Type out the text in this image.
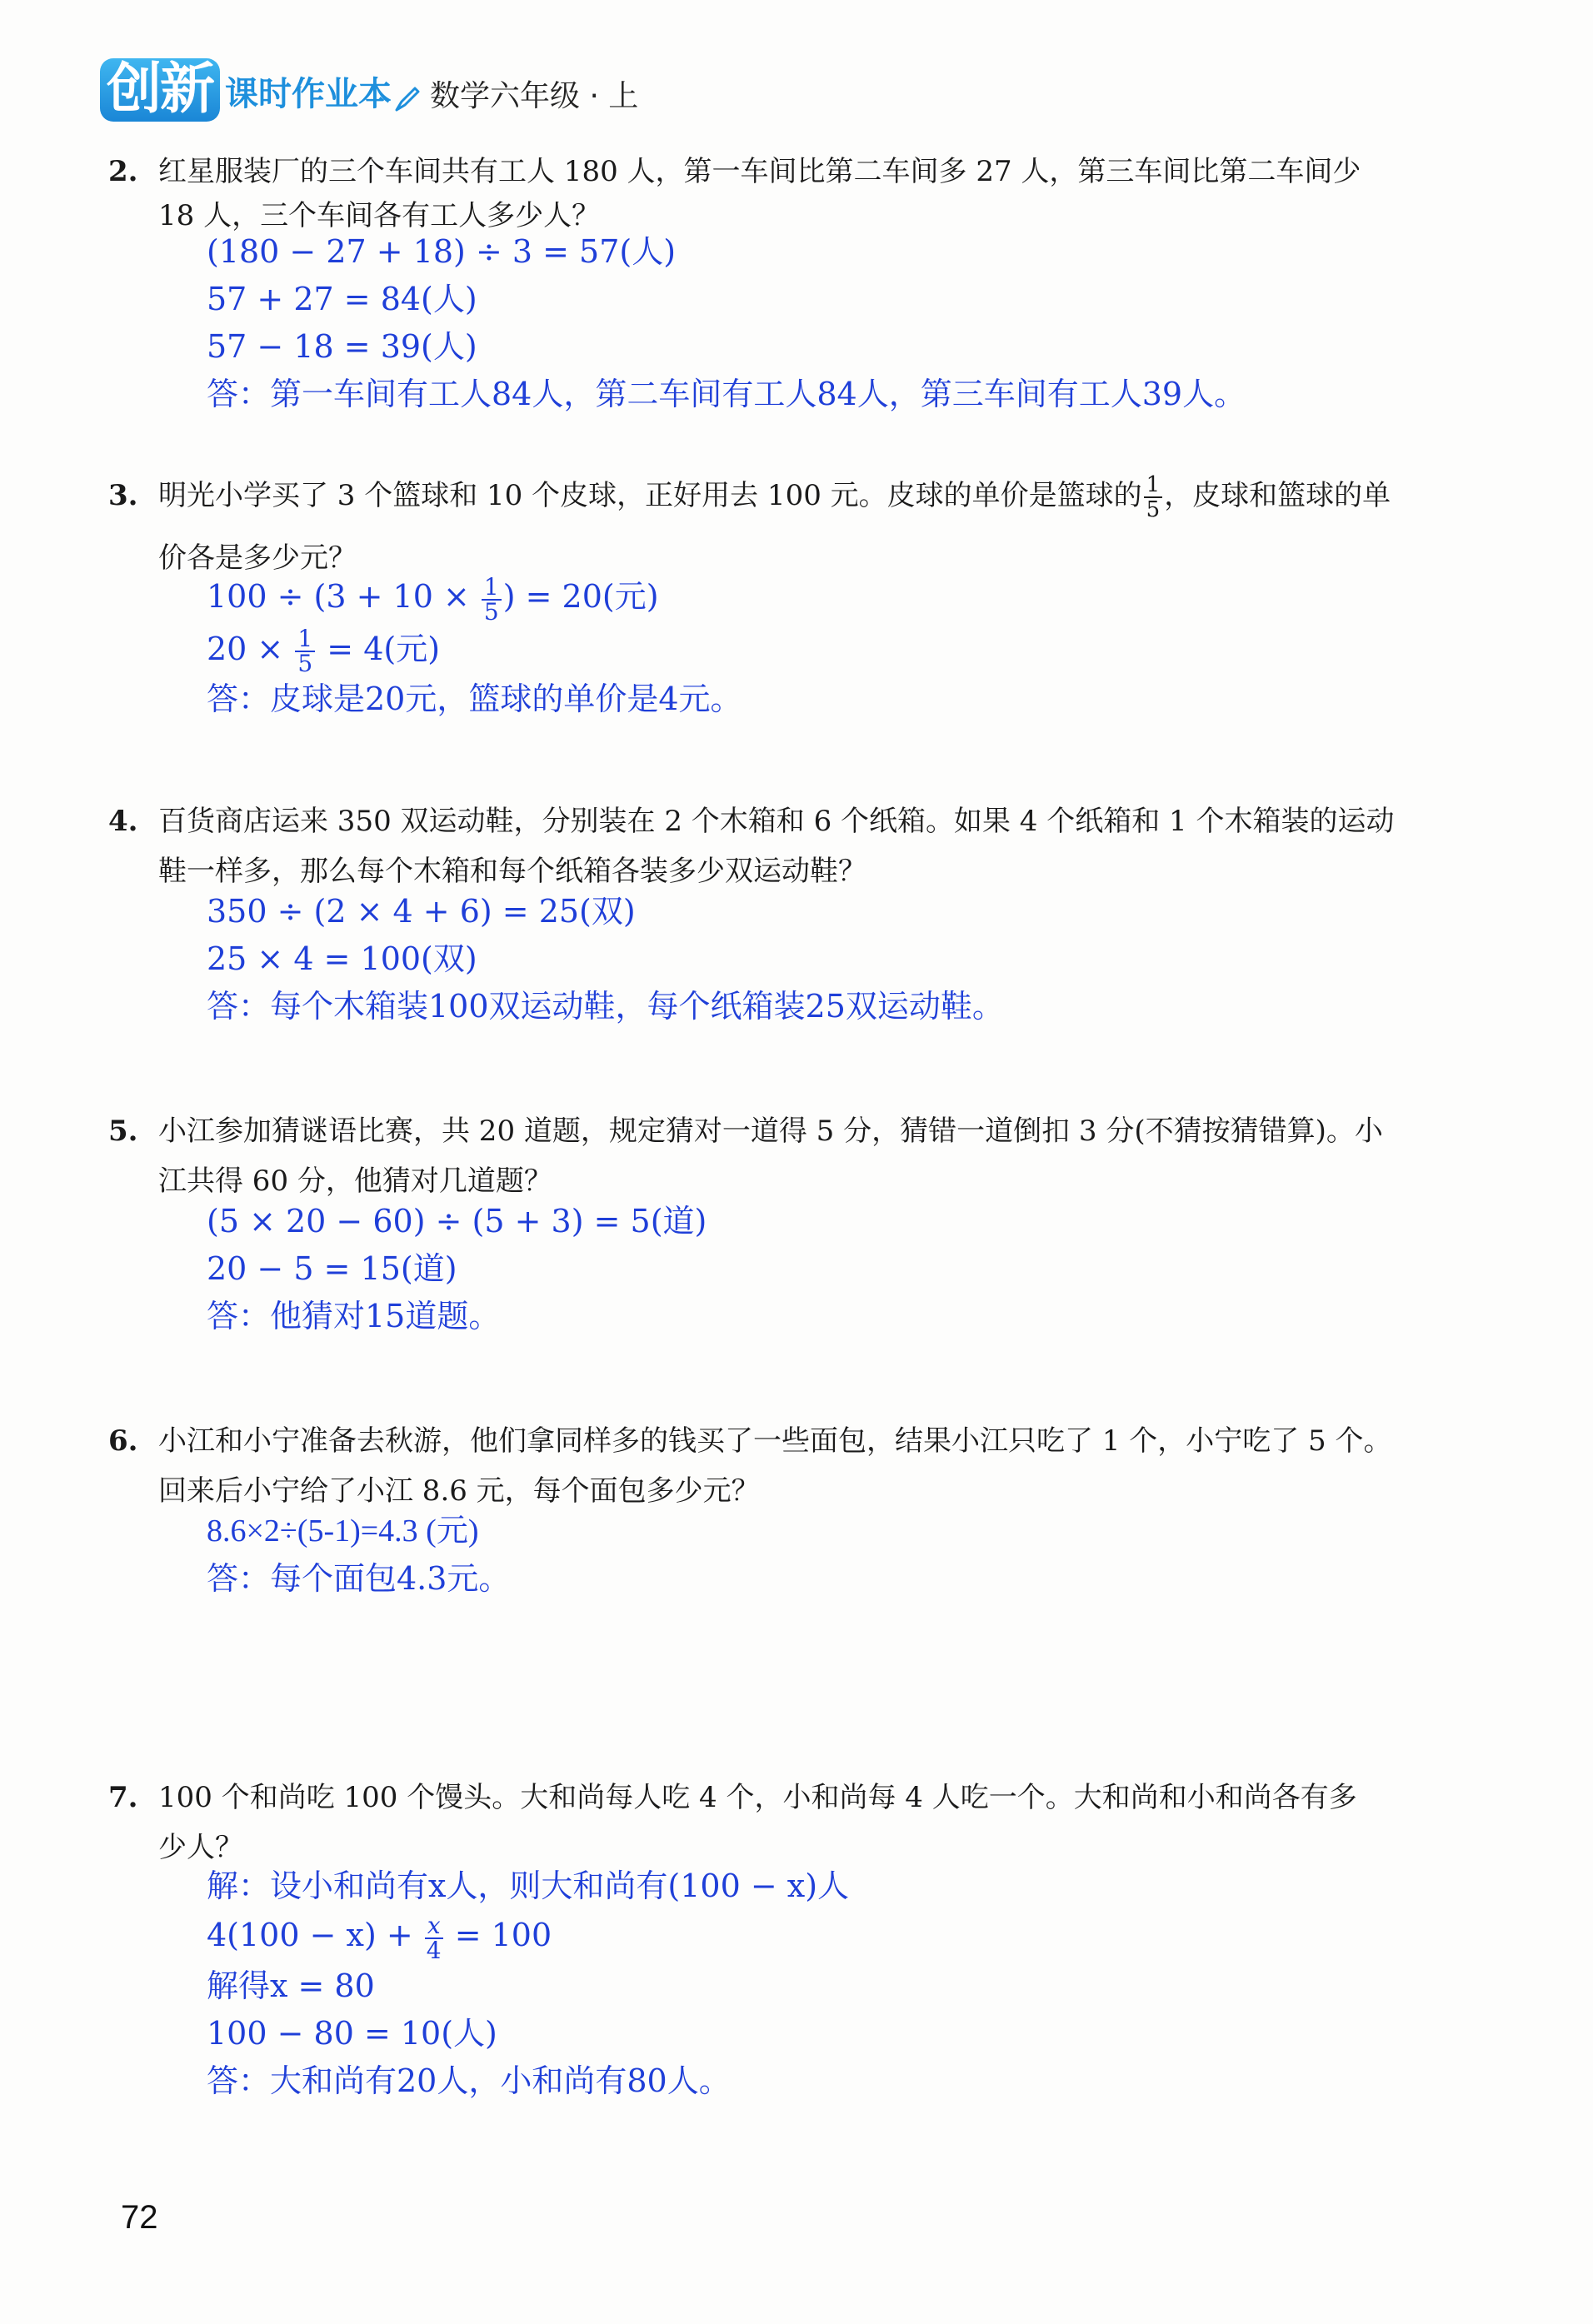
创新 课时作业本 数学六年级 · 上
2. 红星服装厂的三个车间共有工人 180 人，第一车间比第二车间多 27 人，第三车间比第二车间少

18 人，三个车间各有工人多少人？

(180 − 27 + 18) ÷ 3 = 57(人)

57 + 27 = 84(人)

57 − 18 = 39(人)

答：第一车间有工人84人，第二车间有工人84人，第三车间有工人39人。

3. 明光小学买了 3 个篮球和 10 个皮球，正好用去 100 元。皮球的单价是篮球的 $\frac{1}{5}$ ，皮球和篮球的单

价各是多少元？

$100 \div (3 + 10 \times \frac{1}{5}$ ) = 20(元)

$20 \times \frac{1}{5} = 4$(元)

答：皮球是20元，篮球的单价是4元。

4. 百货商店运来 350 双运动鞋，分别装在 2 个木箱和 6 个纸箱。如果 4 个纸箱和 1 个木箱装的运动

鞋一样多，那么每个木箱和每个纸箱各装多少双运动鞋？

350 ÷ (2 × 4 + 6) = 25(双)

25 × 4 = 100(双)

答：每个木箱装100双运动鞋，每个纸箱装25双运动鞋。

5. 小江参加猜谜语比赛，共 20 道题，规定猜对一道得 5 分，猜错一道倒扣 3 分(不猜按猜错算)。小

江共得 60 分，他猜对几道题？

(5 × 20 − 60) ÷ (5 + 3) = 5(道)

20 − 5 = 15(道)

答：他猜对15道题。

6. 小江和小宁准备去秋游，他们拿同样多的钱买了一些面包，结果小江只吃了 1 个，小宁吃了 5 个。

回来后小宁给了小江 8.6 元，每个面包多少元？

8.6×2÷(5-1)=4.3 (元)

答：每个面包4.3元。

7. 100 个和尚吃 100 个馒头。大和尚每人吃 4 个，小和尚每 4 人吃一个。大和尚和小和尚各有多

少人？

解：设小和尚有x人，则大和尚有(100 − x)人

$4(100 - x) + \frac{x}{4} = 100$

解得x = 80

100 − 80 = 10(人)

答：大和尚有20人，小和尚有80人。

72
